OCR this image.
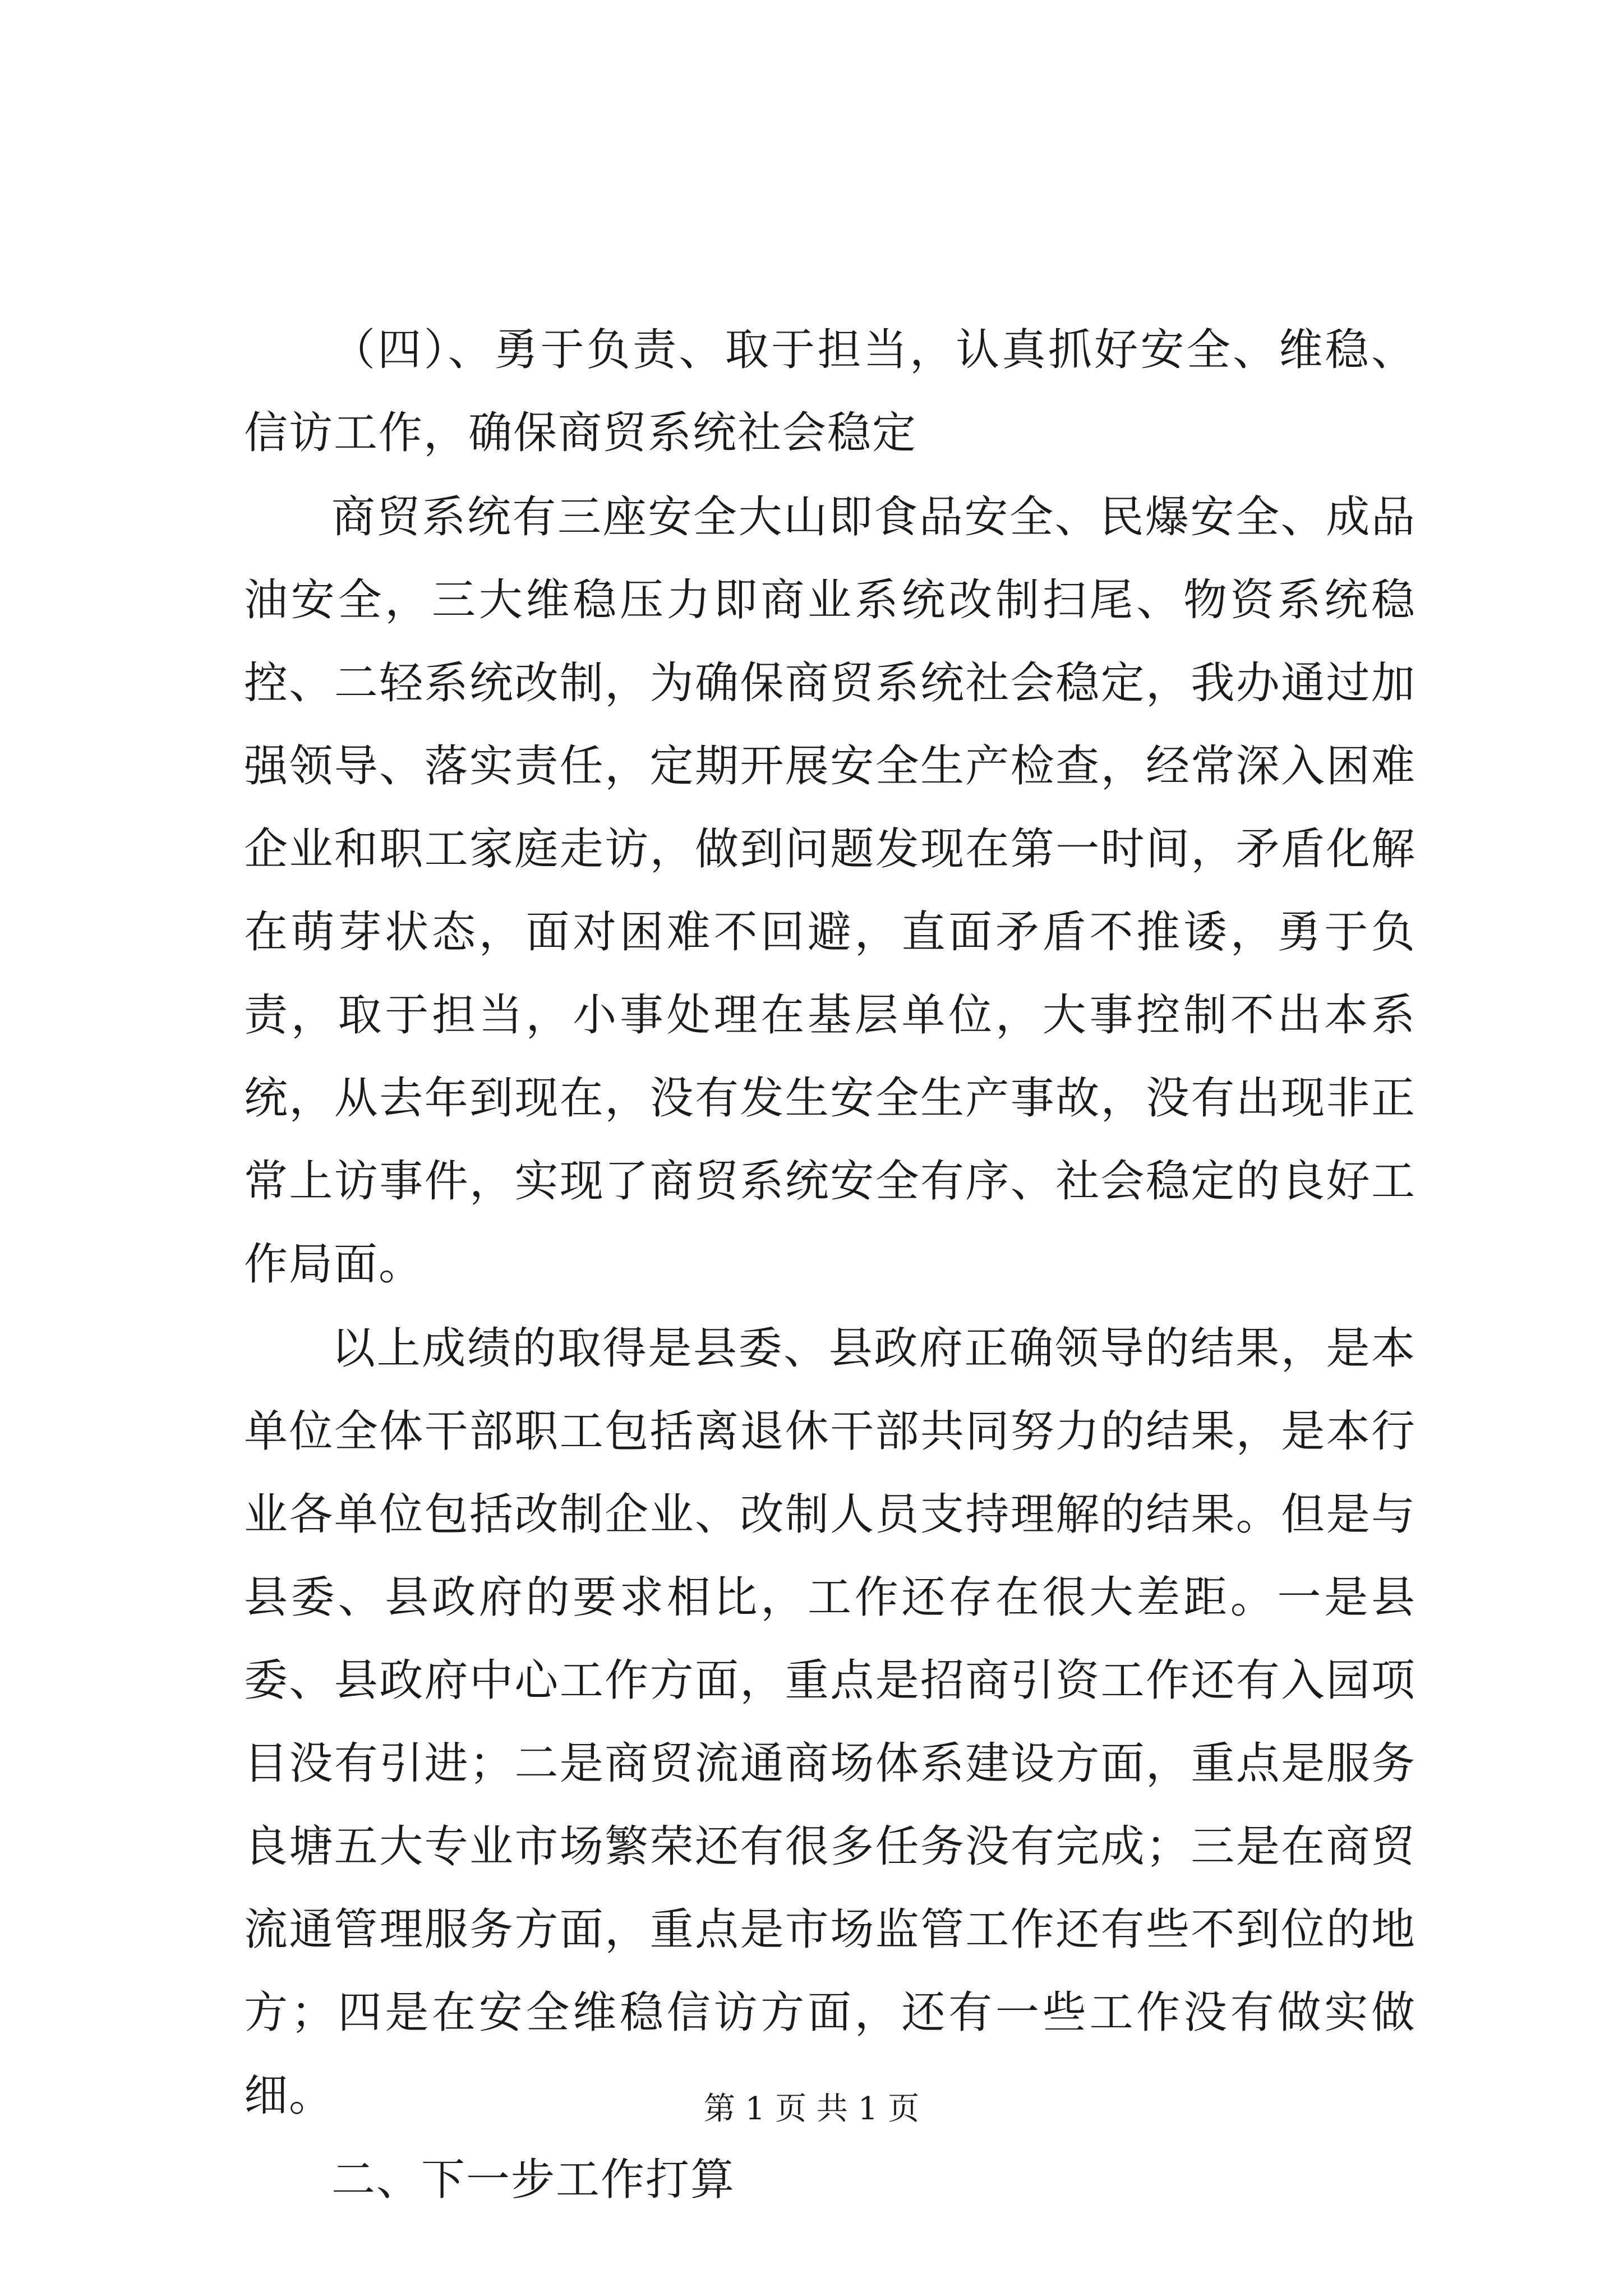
（四）、勇于负责、取于担当，认真抓好安全、维稳、信访工作，确保商贸系统社会稳定

商贸系统有三座安全大山即食品安全、民爆安全、成品油安全，三大维稳压力即商业系统改制扫尾、物资系统稳控、二轻系统改制，为确保商贸系统社会稳定，我办通过加强领导、落实责任，定期开展安全生产检查，经常深入困难企业和职工家庭走访，做到问题发现在第一时间，矛盾化解在萌芽状态，面对困难不回避，直面矛盾不推诿，勇于负责，取于担当，小事处理在基层单位，大事控制不出本系统，从去年到现在，没有发生安全生产事故，没有出现非正常上访事件，实现了商贸系统安全有序、社会稳定的良好工作局面。

以上成绩的取得是县委、县政府正确领导的结果，是本单位全体干部职工包括离退休干部共同努力的结果，是本行业各单位包括改制企业、改制人员支持理解的结果。但是与县委、县政府的要求相比，工作还存在很大差距。一是县委、县政府中心工作方面，重点是招商引资工作还有入园项目没有引进；二是商贸流通商场体系建设方面，重点是服务良塘五大专业市场繁荣还有很多任务没有完成；三是在商贸流通管理服务方面，重点是市场监管工作还有些不到位的地方；四是在安全维稳信访方面，还有一些工作没有做实做细。

二、下一步工作打算

第 1 页 共 1 页
